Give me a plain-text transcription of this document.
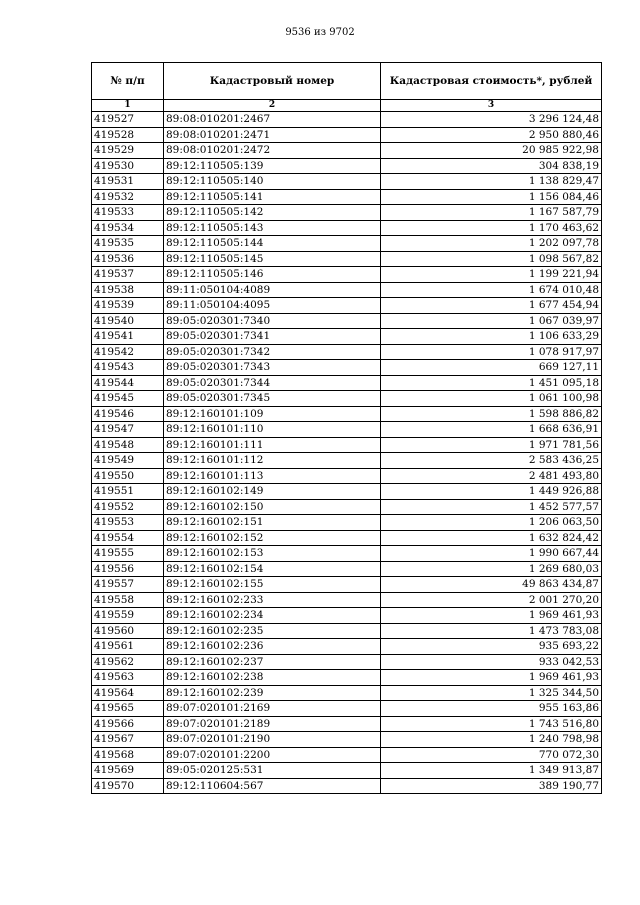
9536 из 9702
№ п/п	Кадастровый номер	Кадастровая стоимость*, рублей
1	2	3
419527	89:08:010201:2467	3 296 124,48
419528	89:08:010201:2471	2 950 880,46
419529	89:08:010201:2472	20 985 922,98
419530	89:12:110505:139	304 838,19
419531	89:12:110505:140	1 138 829,47
419532	89:12:110505:141	1 156 084,46
419533	89:12:110505:142	1 167 587,79
419534	89:12:110505:143	1 170 463,62
419535	89:12:110505:144	1 202 097,78
419536	89:12:110505:145	1 098 567,82
419537	89:12:110505:146	1 199 221,94
419538	89:11:050104:4089	1 674 010,48
419539	89:11:050104:4095	1 677 454,94
419540	89:05:020301:7340	1 067 039,97
419541	89:05:020301:7341	1 106 633,29
419542	89:05:020301:7342	1 078 917,97
419543	89:05:020301:7343	669 127,11
419544	89:05:020301:7344	1 451 095,18
419545	89:05:020301:7345	1 061 100,98
419546	89:12:160101:109	1 598 886,82
419547	89:12:160101:110	1 668 636,91
419548	89:12:160101:111	1 971 781,56
419549	89:12:160101:112	2 583 436,25
419550	89:12:160101:113	2 481 493,80
419551	89:12:160102:149	1 449 926,88
419552	89:12:160102:150	1 452 577,57
419553	89:12:160102:151	1 206 063,50
419554	89:12:160102:152	1 632 824,42
419555	89:12:160102:153	1 990 667,44
419556	89:12:160102:154	1 269 680,03
419557	89:12:160102:155	49 863 434,87
419558	89:12:160102:233	2 001 270,20
419559	89:12:160102:234	1 969 461,93
419560	89:12:160102:235	1 473 783,08
419561	89:12:160102:236	935 693,22
419562	89:12:160102:237	933 042,53
419563	89:12:160102:238	1 969 461,93
419564	89:12:160102:239	1 325 344,50
419565	89:07:020101:2169	955 163,86
419566	89:07:020101:2189	1 743 516,80
419567	89:07:020101:2190	1 240 798,98
419568	89:07:020101:2200	770 072,30
419569	89:05:020125:531	1 349 913,87
419570	89:12:110604:567	389 190,77
